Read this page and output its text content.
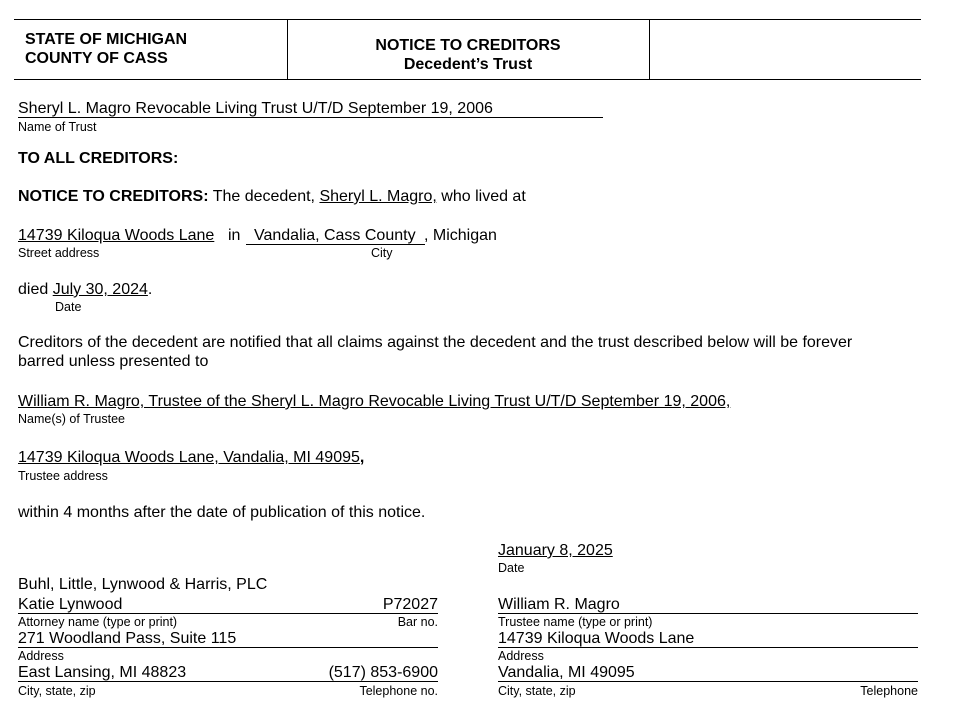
STATE OF MICHIGAN
COUNTY OF CASS
NOTICE TO CREDITORS
Decedent’s Trust
Sheryl L. Magro Revocable Living Trust U/T/D September 19, 2006
Name of Trust
TO ALL CREDITORS:
NOTICE TO CREDITORS: The decedent, Sheryl L. Magro, who lived at
14739 Kiloqua Woods Lane in Vandalia, Cass County , Michigan
Street address	City
died July 30, 2024.
Date
Creditors of the decedent are notified that all claims against the decedent and the trust described below will be forever
barred unless presented to
William R. Magro, Trustee of the Sheryl L. Magro Revocable Living Trust U/T/D September 19, 2006,
Name(s) of Trustee
14739 Kiloqua Woods Lane, Vandalia, MI 49095,
Trustee address
within 4 months after the date of publication of this notice.
Buhl, Little, Lynwood & Harris, PLC
Katie Lynwood	P72027
Attorney name (type or print)	Bar no.
271 Woodland Pass, Suite 115
Address
East Lansing, MI 48823	(517) 853-6900
City, state, zip	Telephone no.
January 8, 2025
Date
William R. Magro
Trustee name (type or print)
14739 Kiloqua Woods Lane
Address
Vandalia, MI 49095
City, state, zip	Telephone
